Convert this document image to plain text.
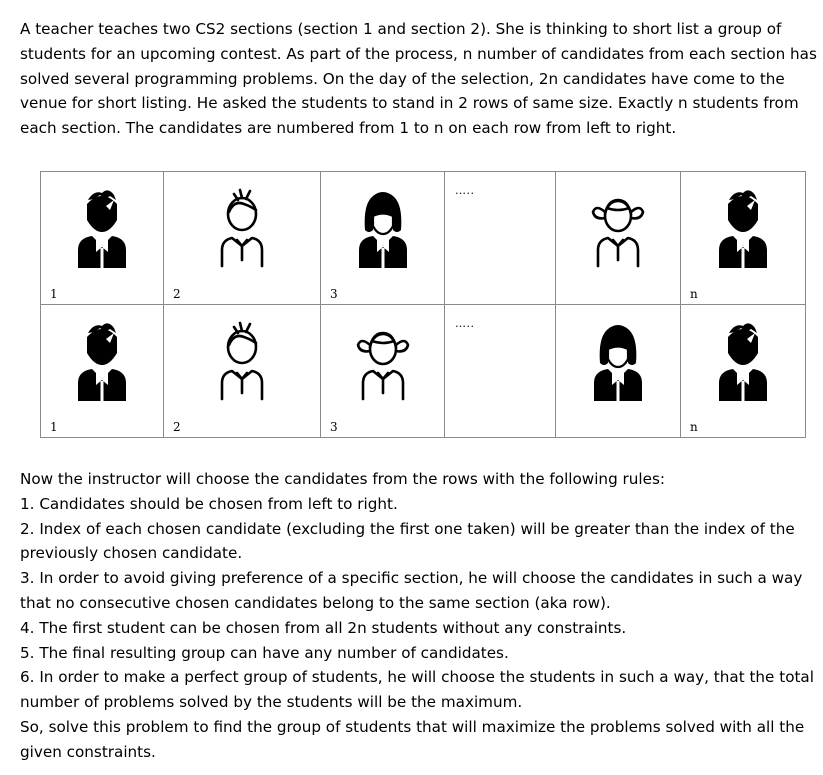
A teacher teaches two CS2 sections (section 1 and section 2). She is thinking to short list a group of
students for an upcoming contest. As part of the process, n number of candidates from each section has
solved several programming problems. On the day of the selection, 2n candidates have come to the
venue for short listing. He asked the students to stand in 2 rows of same size. Exactly n students from
each section. The candidates are numbered from 1 to n on each row from left to right.

1	2	3	…..		n

1	2	3	…..		n

Now the instructor will choose the candidates from the rows with the following rules:
1. Candidates should be chosen from left to right.
2. Index of each chosen candidate (excluding the first one taken) will be greater than the index of the
previously chosen candidate.
3. In order to avoid giving preference of a specific section, he will choose the candidates in such a way
that no consecutive chosen candidates belong to the same section (aka row).
4. The first student can be chosen from all 2n students without any constraints.
5. The final resulting group can have any number of candidates.
6. In order to make a perfect group of students, he will choose the students in such a way, that the total
number of problems solved by the students will be the maximum.
So, solve this problem to find the group of students that will maximize the problems solved with all the
given constraints.
